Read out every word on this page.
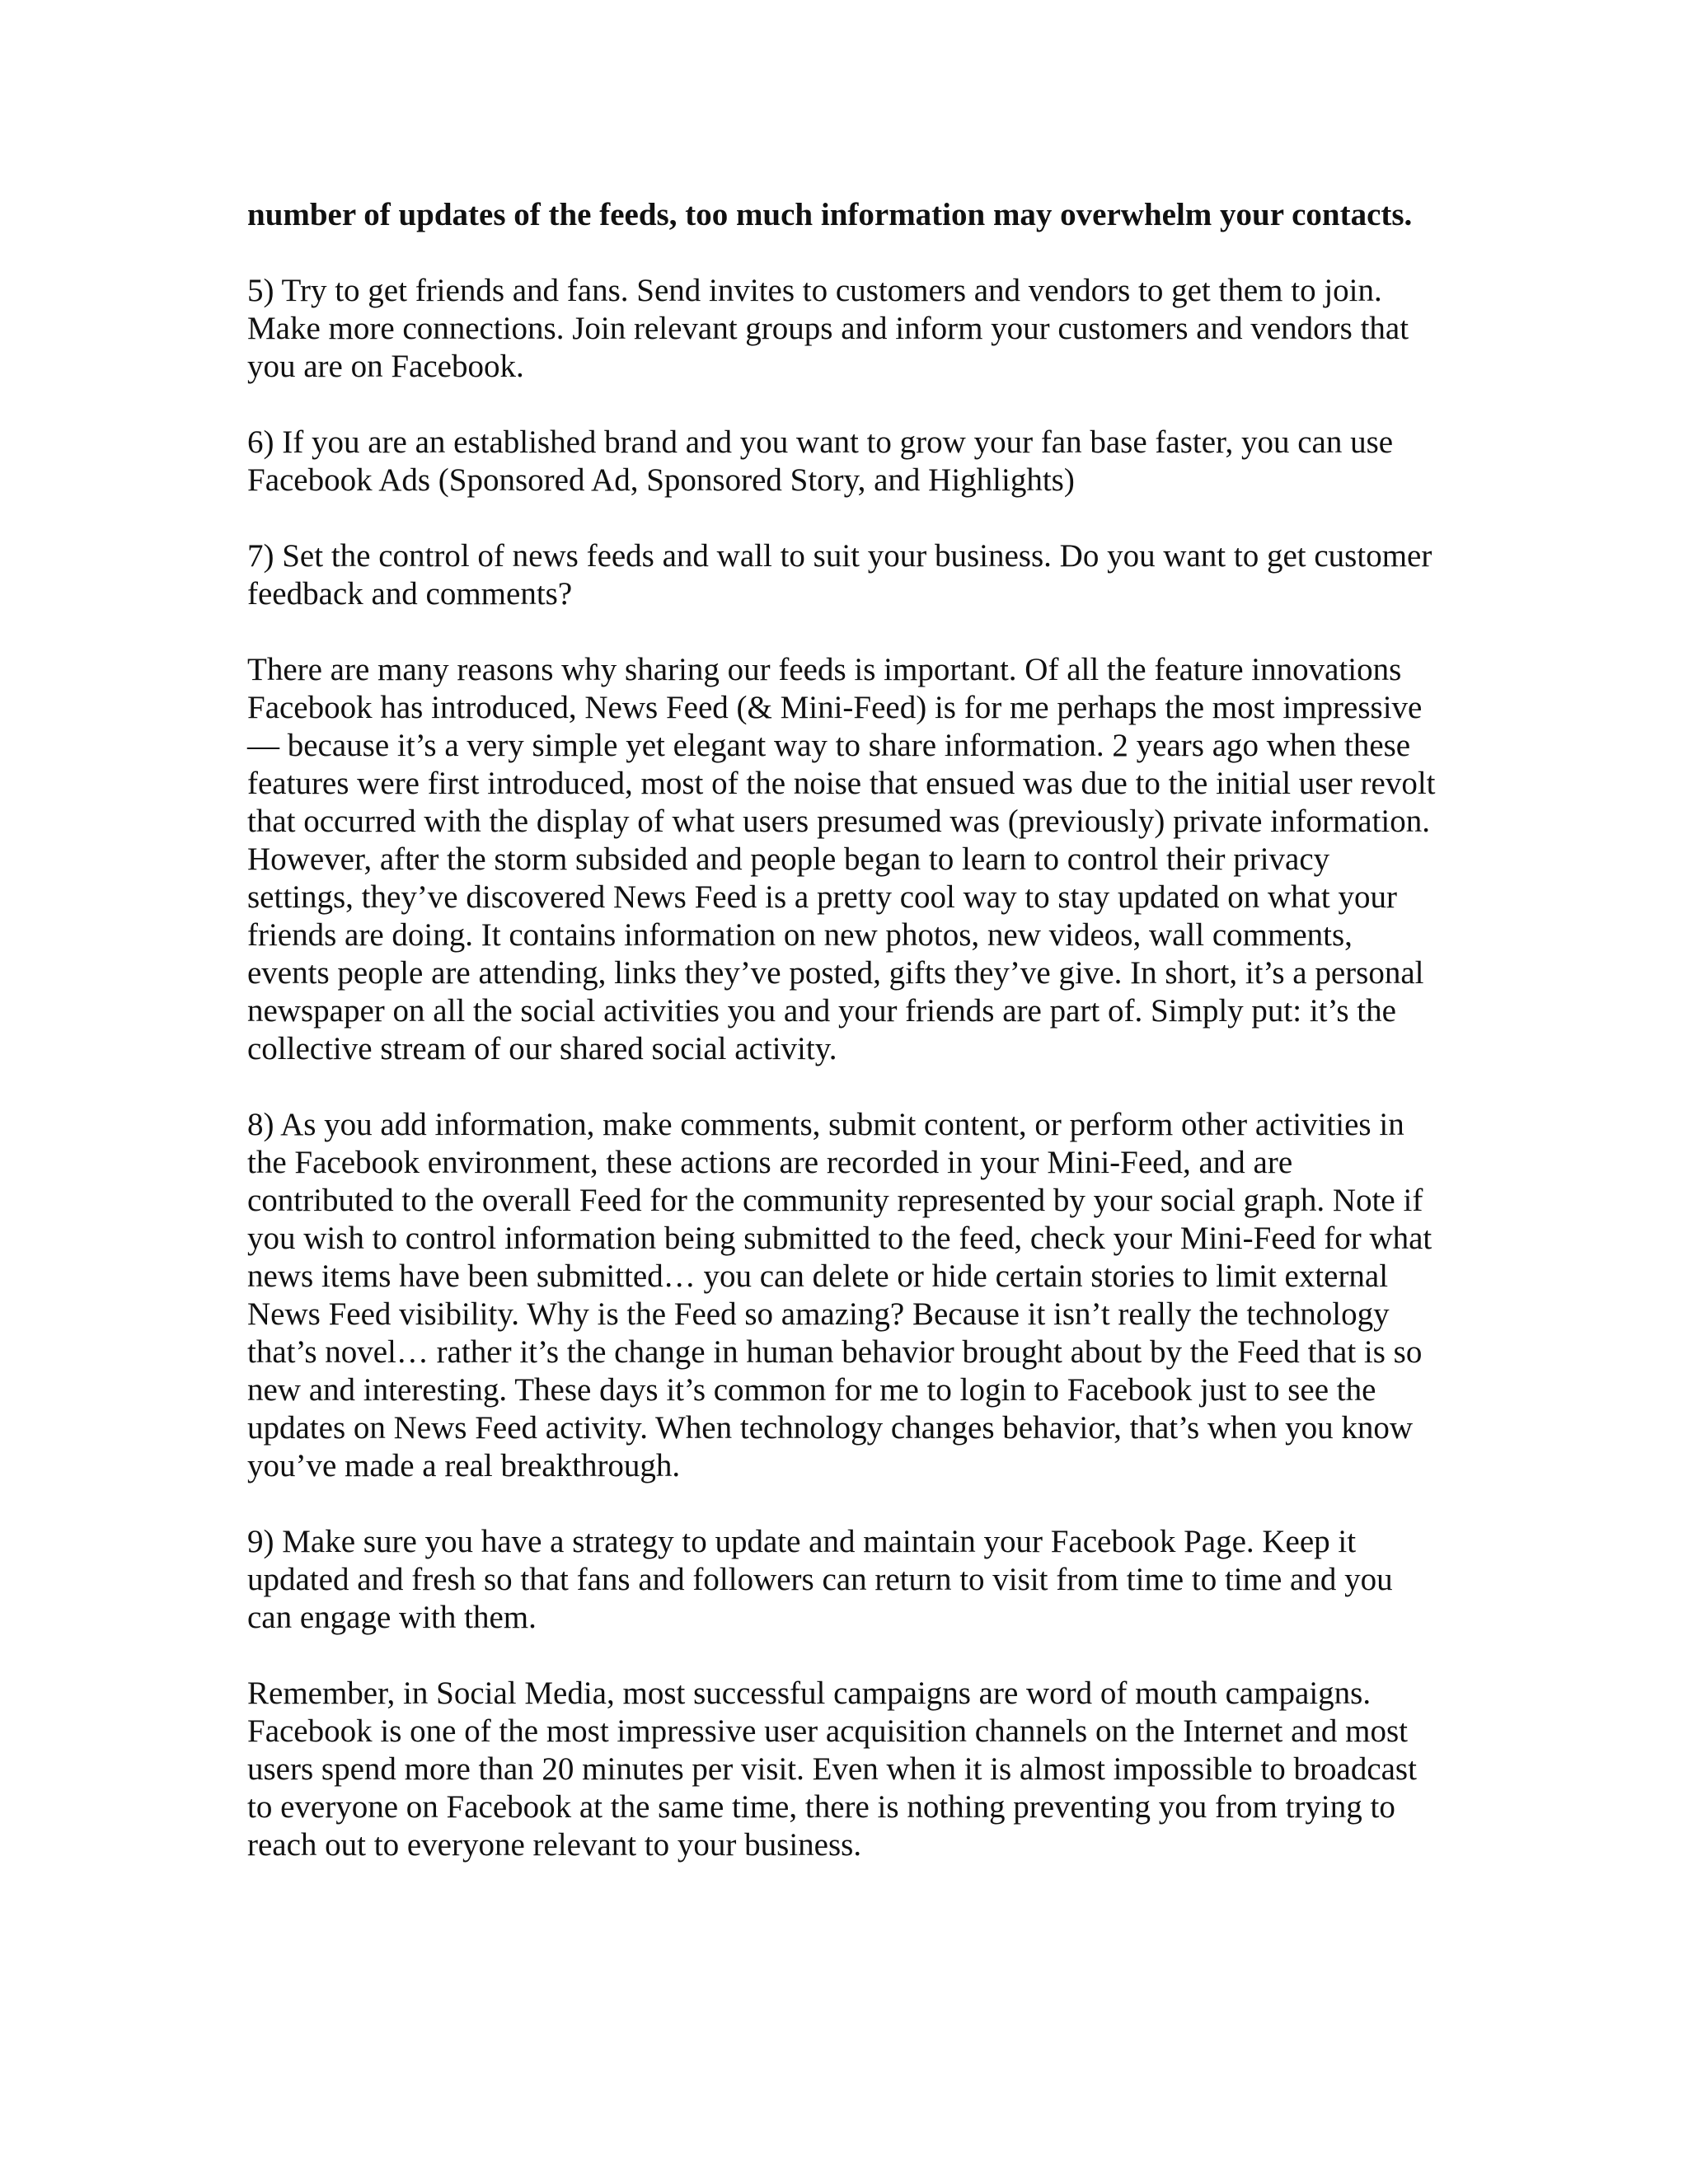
number of updates of the feeds, too much information may overwhelm your contacts.

5) Try to get friends and fans. Send invites to customers and vendors to get them to join. Make more connections. Join relevant groups and inform your customers and vendors that you are on Facebook.

6) If you are an established brand and you want to grow your fan base faster, you can use Facebook Ads (Sponsored Ad, Sponsored Story, and Highlights)

7) Set the control of news feeds and wall to suit your business. Do you want to get customer feedback and comments?

There are many reasons why sharing our feeds is important. Of all the feature innovations Facebook has introduced, News Feed (& Mini-Feed) is for me perhaps the most impressive — because it’s a very simple yet elegant way to share information. 2 years ago when these features were first introduced, most of the noise that ensued was due to the initial user revolt that occurred with the display of what users presumed was (previously) private information. However, after the storm subsided and people began to learn to control their privacy settings, they’ve discovered News Feed is a pretty cool way to stay updated on what your friends are doing. It contains information on new photos, new videos, wall comments, events people are attending, links they’ve posted, gifts they’ve give. In short, it’s a personal newspaper on all the social activities you and your friends are part of. Simply put: it’s the collective stream of our shared social activity.

8) As you add information, make comments, submit content, or perform other activities in the Facebook environment, these actions are recorded in your Mini-Feed, and are contributed to the overall Feed for the community represented by your social graph. Note if you wish to control information being submitted to the feed, check your Mini-Feed for what news items have been submitted… you can delete or hide certain stories to limit external News Feed visibility. Why is the Feed so amazing? Because it isn’t really the technology that’s novel… rather it’s the change in human behavior brought about by the Feed that is so new and interesting. These days it’s common for me to login to Facebook just to see the updates on News Feed activity. When technology changes behavior, that’s when you know you’ve made a real breakthrough.

9) Make sure you have a strategy to update and maintain your Facebook Page. Keep it updated and fresh so that fans and followers can return to visit from time to time and you can engage with them.

Remember, in Social Media, most successful campaigns are word of mouth campaigns. Facebook is one of the most impressive user acquisition channels on the Internet and most users spend more than 20 minutes per visit. Even when it is almost impossible to broadcast to everyone on Facebook at the same time, there is nothing preventing you from trying to reach out to everyone relevant to your business.
